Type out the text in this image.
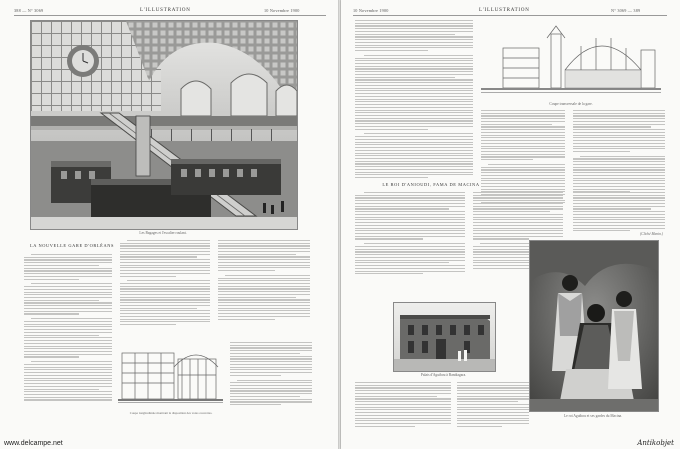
388 — N° 3069	L'ILLUSTRATION	10 Novembre 1900
Les Bagages et l'escalier roulant.
LA NOUVELLE GARE D'ORLÉANS
Coupe longitudinale montrant la disposition des voies couvertes.
10 Novembre 1900	L'ILLUSTRATION	N° 3069 — 389
Coupe transversale de la gare.
LE ROI D'ANIOUDI, FAMA DE MACINA
Palais d'Aguibou à Bandiagara.
(Cliché Manin.)
Le roi Aguibou et ses gardes du Macina.
www.delcampe.net	Antikobjet
